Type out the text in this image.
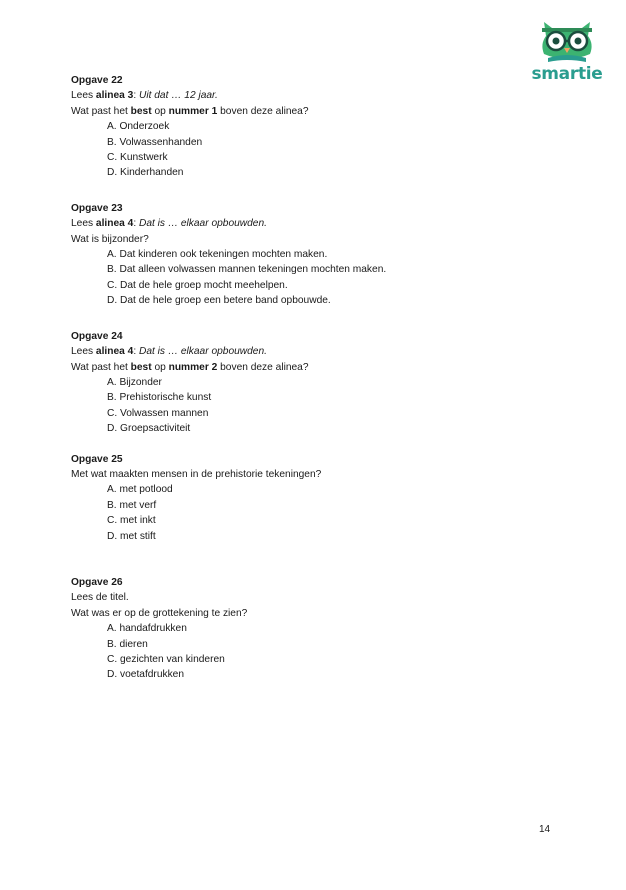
smartie

Opgave 22

Lees alinea 3: Uit dat … 12 jaar.

Wat past het best op nummer 1 boven deze alinea?

A. Onderzoek

B. Volwassenhanden

C. Kunstwerk

D. Kinderhanden

Opgave 23

Lees alinea 4: Dat is … elkaar opbouwden.

Wat is bijzonder?

A. Dat kinderen ook tekeningen mochten maken.

B. Dat alleen volwassen mannen tekeningen mochten maken.

C. Dat de hele groep mocht meehelpen.

D. Dat de hele groep een betere band opbouwde.

Opgave 24

Lees alinea 4: Dat is … elkaar opbouwden.

Wat past het best op nummer 2 boven deze alinea?

A. Bijzonder

B. Prehistorische kunst

C. Volwassen mannen

D. Groepsactiviteit

Opgave 25

Met wat maakten mensen in de prehistorie tekeningen?

A. met potlood

B. met verf

C. met inkt

D. met stift

Opgave 26

Lees de titel.

Wat was er op de grottekening te zien?

A. handafdrukken

B. dieren

C. gezichten van kinderen

D. voetafdrukken

14
